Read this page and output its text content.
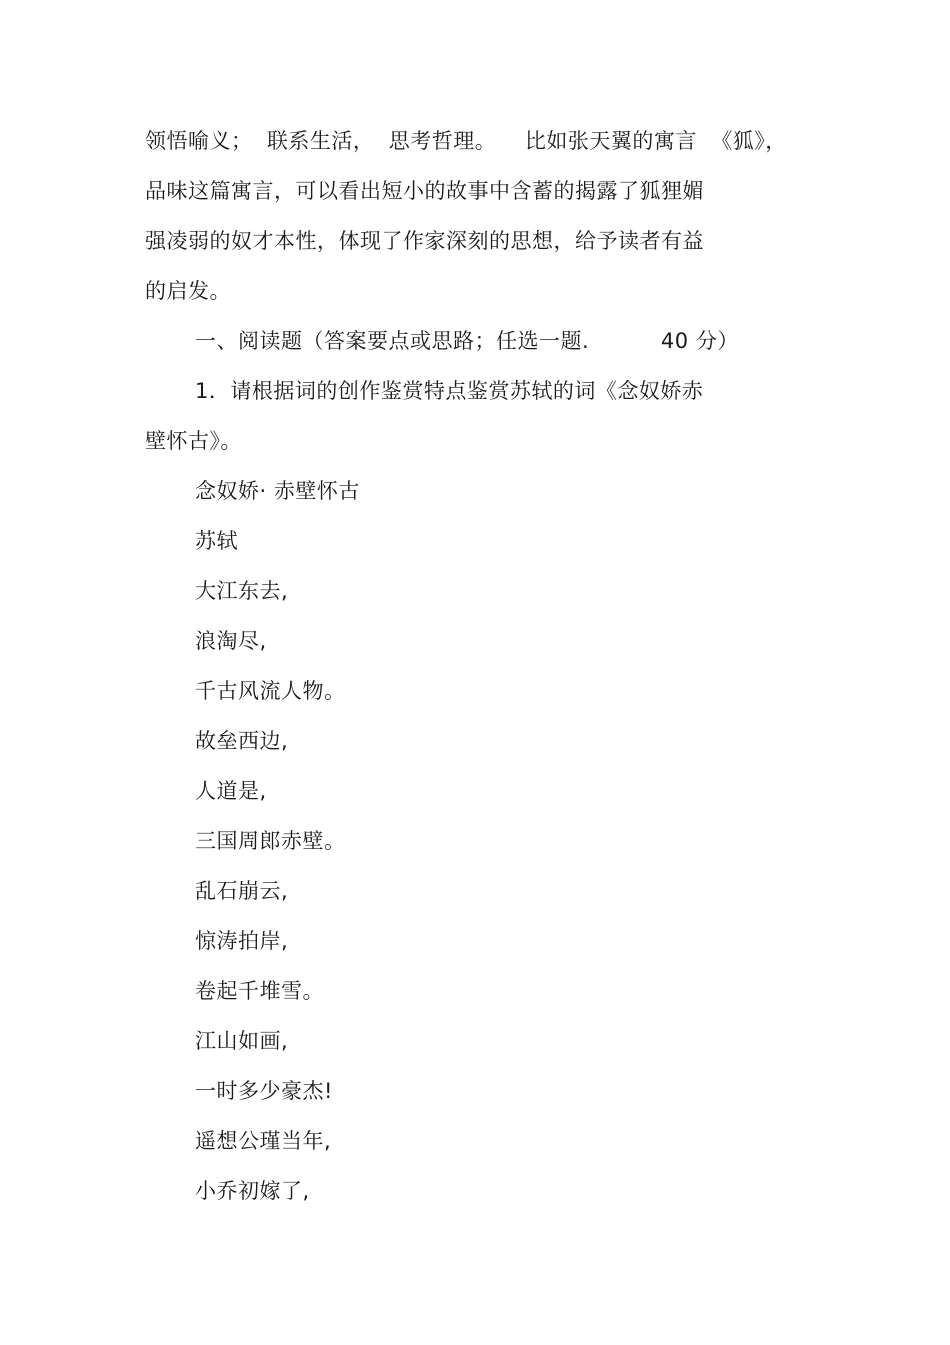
领悟喻义；  联系生活，  思考哲理。    比如张天翼的寓言  《狐》，
品味这篇寓言，可以看出短小的故事中含蓄的揭露了狐狸媚
强凌弱的奴才本性，体现了作家深刻的思想，给予读者有益
的启发。
一、阅读题（答案要点或思路；任选一题.          40 分）
1．请根据词的创作鉴赏特点鉴赏苏轼的词《念奴娇赤
壁怀古》。
念奴娇· 赤壁怀古
苏轼
大江东去,
浪淘尽,
千古风流人物。
故垒西边,
人道是,
三国周郎赤壁。
乱石崩云,
惊涛拍岸,
卷起千堆雪。
江山如画,
一时多少豪杰!
遥想公瑾当年,
小乔初嫁了,
